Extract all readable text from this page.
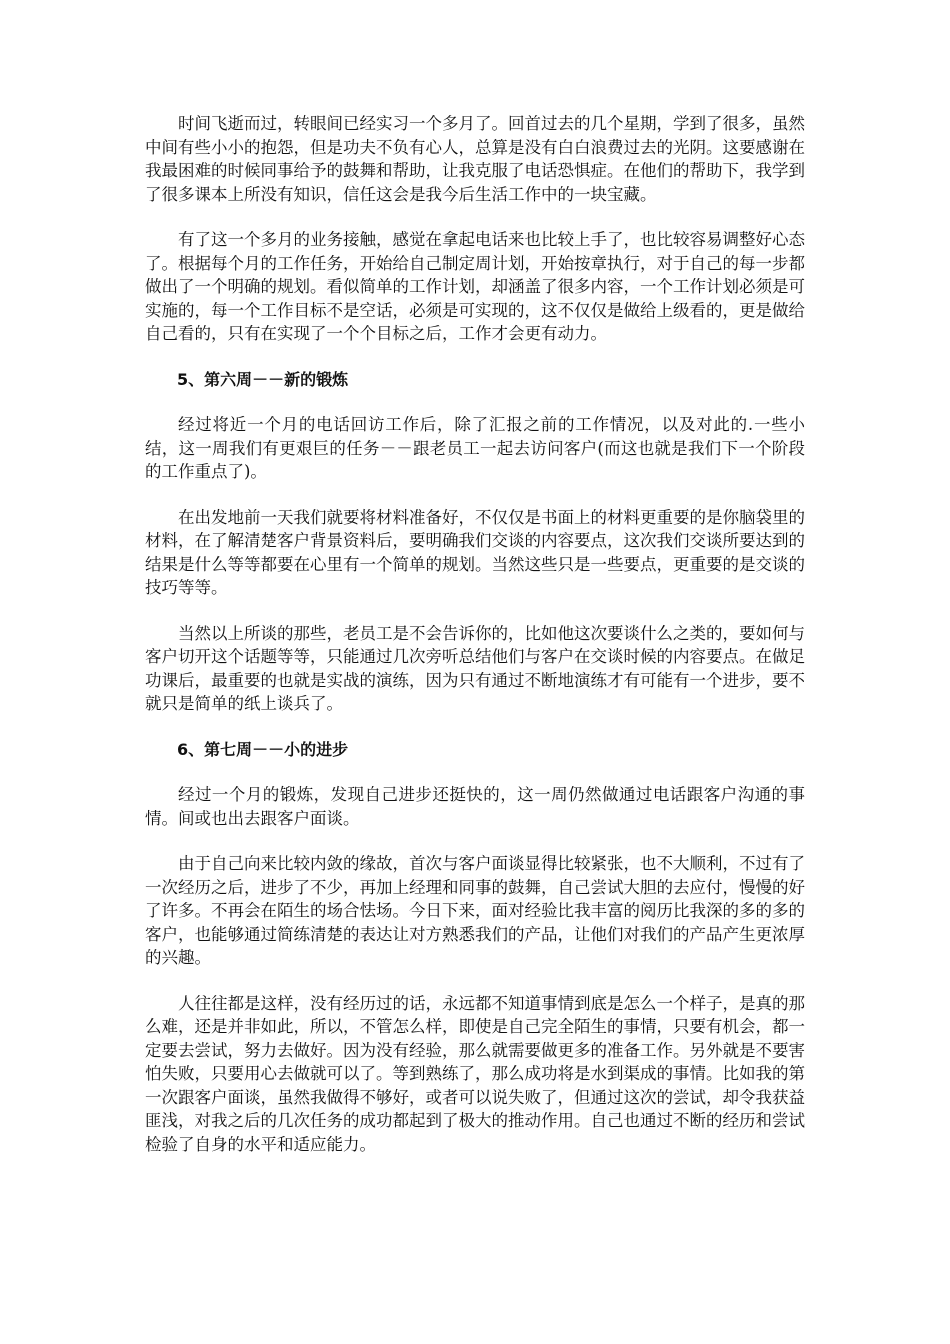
时间飞逝而过，转眼间已经实习一个多月了。回首过去的几个星期，学到了很多，虽然中间有些小小的抱怨，但是功夫不负有心人，总算是没有白白浪费过去的光阴。这要感谢在我最困难的时候同事给予的鼓舞和帮助，让我克服了电话恐惧症。在他们的帮助下，我学到了很多课本上所没有知识，信任这会是我今后生活工作中的一块宝藏。

有了这一个多月的业务接触，感觉在拿起电话来也比较上手了，也比较容易调整好心态了。根据每个月的工作任务，开始给自己制定周计划，开始按章执行，对于自己的每一步都做出了一个明确的规划。看似简单的工作计划，却涵盖了很多内容，一个工作计划必须是可实施的，每一个工作目标不是空话，必须是可实现的，这不仅仅是做给上级看的，更是做给自己看的，只有在实现了一个个目标之后，工作才会更有动力。

5、第六周－－新的锻炼

经过将近一个月的电话回访工作后，除了汇报之前的工作情况，以及对此的.一些小结，这一周我们有更艰巨的任务－－跟老员工一起去访问客户(而这也就是我们下一个阶段的工作重点了)。

在出发地前一天我们就要将材料准备好，不仅仅是书面上的材料更重要的是你脑袋里的材料，在了解清楚客户背景资料后，要明确我们交谈的内容要点，这次我们交谈所要达到的结果是什么等等都要在心里有一个简单的规划。当然这些只是一些要点，更重要的是交谈的技巧等等。

当然以上所谈的那些，老员工是不会告诉你的，比如他这次要谈什么之类的，要如何与客户切开这个话题等等，只能通过几次旁听总结他们与客户在交谈时候的内容要点。在做足功课后，最重要的也就是实战的演练，因为只有通过不断地演练才有可能有一个进步，要不就只是简单的纸上谈兵了。

6、第七周－－小的进步

经过一个月的锻炼，发现自己进步还挺快的，这一周仍然做通过电话跟客户沟通的事情。间或也出去跟客户面谈。

由于自己向来比较内敛的缘故，首次与客户面谈显得比较紧张，也不大顺利，不过有了一次经历之后，进步了不少，再加上经理和同事的鼓舞，自己尝试大胆的去应付，慢慢的好了许多。不再会在陌生的场合怯场。今日下来，面对经验比我丰富的阅历比我深的多的多的客户，也能够通过简练清楚的表达让对方熟悉我们的产品，让他们对我们的产品产生更浓厚的兴趣。

人往往都是这样，没有经历过的话，永远都不知道事情到底是怎么一个样子，是真的那么难，还是并非如此，所以，不管怎么样，即使是自己完全陌生的事情，只要有机会，都一定要去尝试，努力去做好。因为没有经验，那么就需要做更多的准备工作。另外就是不要害怕失败，只要用心去做就可以了。等到熟练了，那么成功将是水到渠成的事情。比如我的第一次跟客户面谈，虽然我做得不够好，或者可以说失败了，但通过这次的尝试，却令我获益匪浅，对我之后的几次任务的成功都起到了极大的推动作用。自己也通过不断的经历和尝试检验了自身的水平和适应能力。
